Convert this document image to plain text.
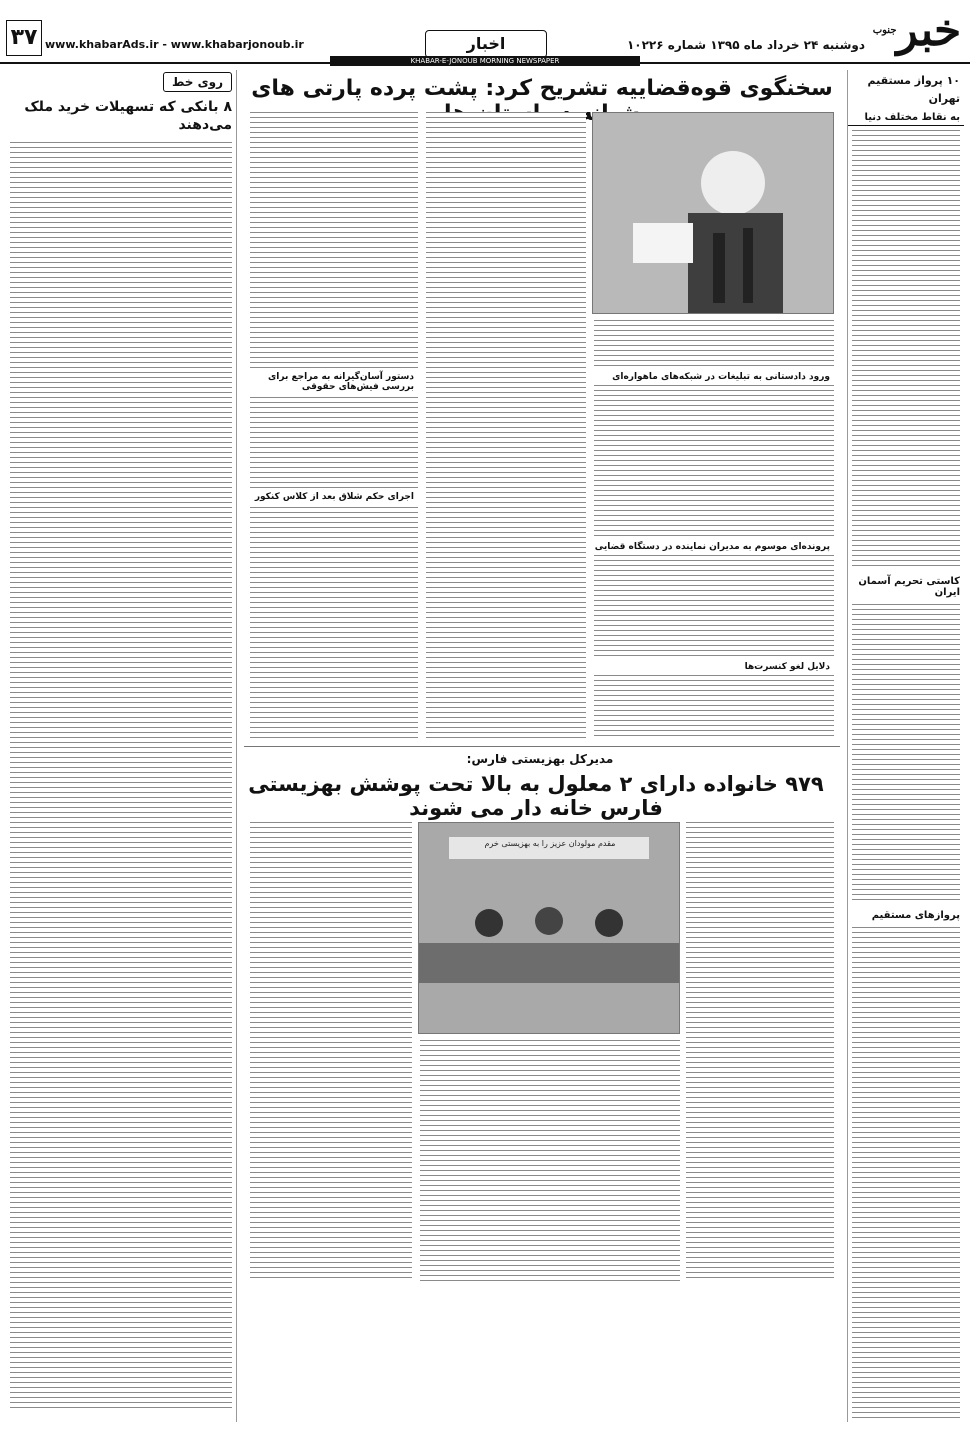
خبرجنوب
دوشنبه ۲۴ خرداد ماه ۱۳۹۵ شماره ۱۰۲۲۶
اخبار
www.khabarAds.ir - www.khabarjonoub.ir
۳۷
KHABAR-E-JONOUB MORNING NEWSPAPER
۱۰ پرواز مستقیم تهران
به نقاط مختلف دنیا
کاستی تحریم آسمان ایران
پروازهای مستقیم
روی خط
۸ بانکی که تسهیلات خرید ملک می‌دهند
سخنگوی قوه‌قضاییه تشریح کرد: پشت پرده پارتی های
ورود دادستانی به تبلیغات در شبکه‌های ماهواره‌ای
پرونده‌ای موسوم به مدیران نماینده در دستگاه قضایی
دلایل لغو کنسرت‌ها
دستور آسان‌گیرانه به مراجع برای بررسی فیش‌های حقوقی
اجرای حکم شلاق بعد از کلاس کنکور
مدیرکل بهزیستی فارس:
۹۷۹ خانواده دارای ۲ معلول به بالا تحت پوشش بهزیستی فارس خانه دار می شوند
مقدم مولودان عزیز را به بهزیستی خرم
